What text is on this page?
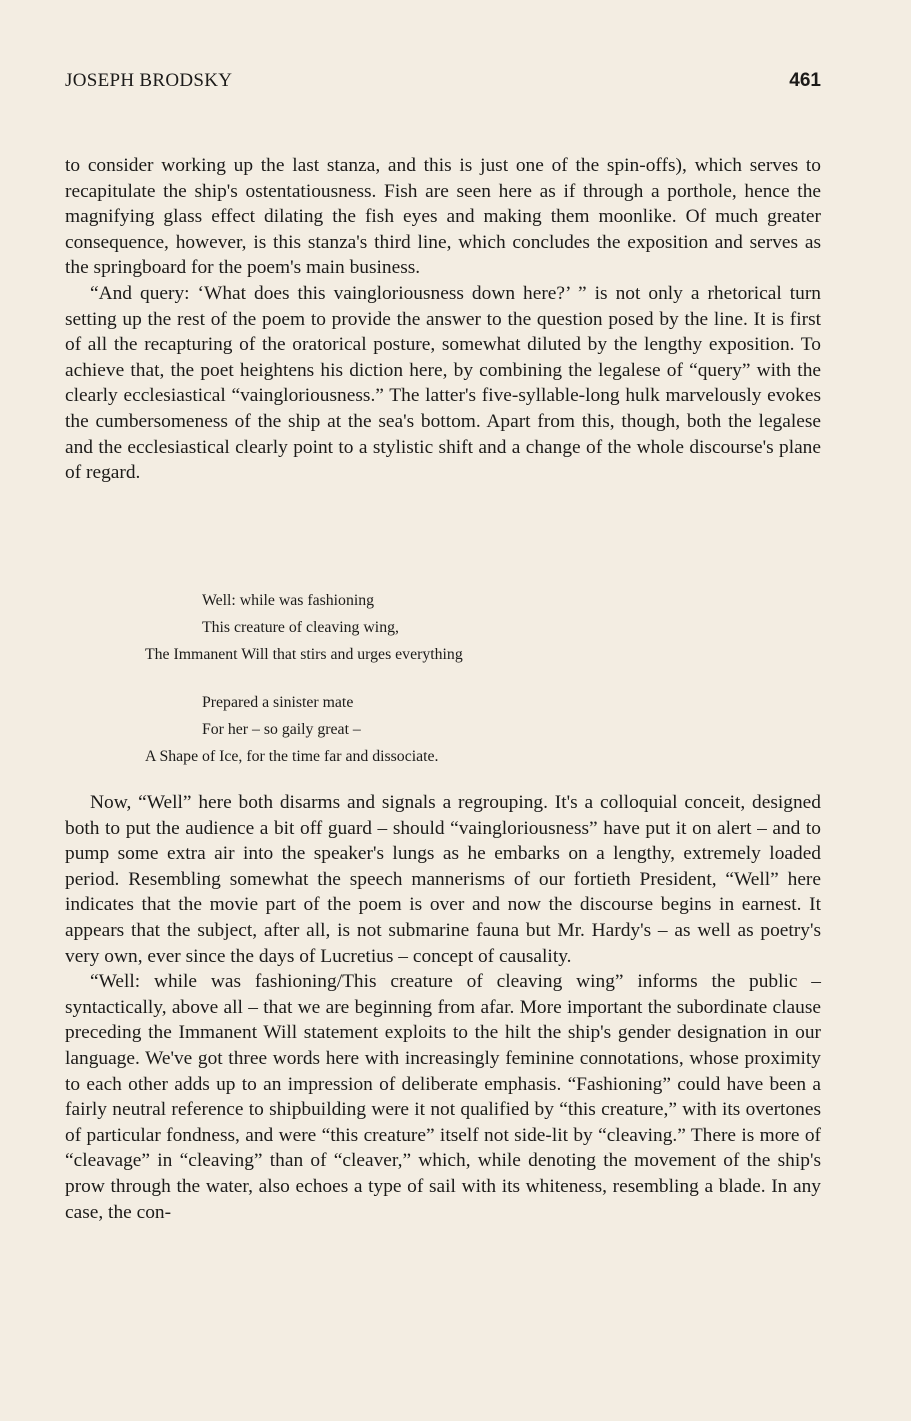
JOSEPH BRODSKY	461

to consider working up the last stanza, and this is just one of the spin-offs), which serves to recapitulate the ship's ostentatiousness. Fish are seen here as if through a porthole, hence the magnifying glass effect dilating the fish eyes and making them moonlike. Of much greater consequence, however, is this stanza's third line, which concludes the exposition and serves as the springboard for the poem's main business.

“And query: ‘What does this vaingloriousness down here?’ ” is not only a rhetorical turn setting up the rest of the poem to provide the answer to the question posed by the line. It is first of all the recapturing of the oratorical posture, somewhat diluted by the lengthy exposition. To achieve that, the poet heightens his diction here, by combining the legalese of “query” with the clearly ecclesiastical “vaingloriousness.” The latter's five-syllable-long hulk marvelously evokes the cumbersomeness of the ship at the sea's bottom. Apart from this, though, both the legalese and the ecclesiastical clearly point to a stylistic shift and a change of the whole discourse's plane of regard.

Well: while was fashioning
This creature of cleaving wing,
The Immanent Will that stirs and urges everything
Prepared a sinister mate
For her – so gaily great –
A Shape of Ice, for the time far and dissociate.

Now, “Well” here both disarms and signals a regrouping. It's a colloquial conceit, designed both to put the audience a bit off guard – should “vaingloriousness” have put it on alert – and to pump some extra air into the speaker's lungs as he embarks on a lengthy, extremely loaded period. Resembling somewhat the speech mannerisms of our fortieth President, “Well” here indicates that the movie part of the poem is over and now the discourse begins in earnest. It appears that the subject, after all, is not submarine fauna but Mr. Hardy's – as well as poetry's very own, ever since the days of Lucretius – concept of causality.

“Well: while was fashioning/This creature of cleaving wing” informs the public – syntactically, above all – that we are beginning from afar. More important the subordinate clause preceding the Immanent Will statement exploits to the hilt the ship's gender designation in our language. We've got three words here with increasingly feminine connotations, whose proximity to each other adds up to an impression of deliberate emphasis. “Fashioning” could have been a fairly neutral reference to shipbuilding were it not qualified by “this creature,” with its overtones of particular fondness, and were “this creature” itself not side-lit by “cleaving.” There is more of “cleavage” in “cleaving” than of “cleaver,” which, while denoting the movement of the ship's prow through the water, also echoes a type of sail with its whiteness, resembling a blade. In any case, the con-
